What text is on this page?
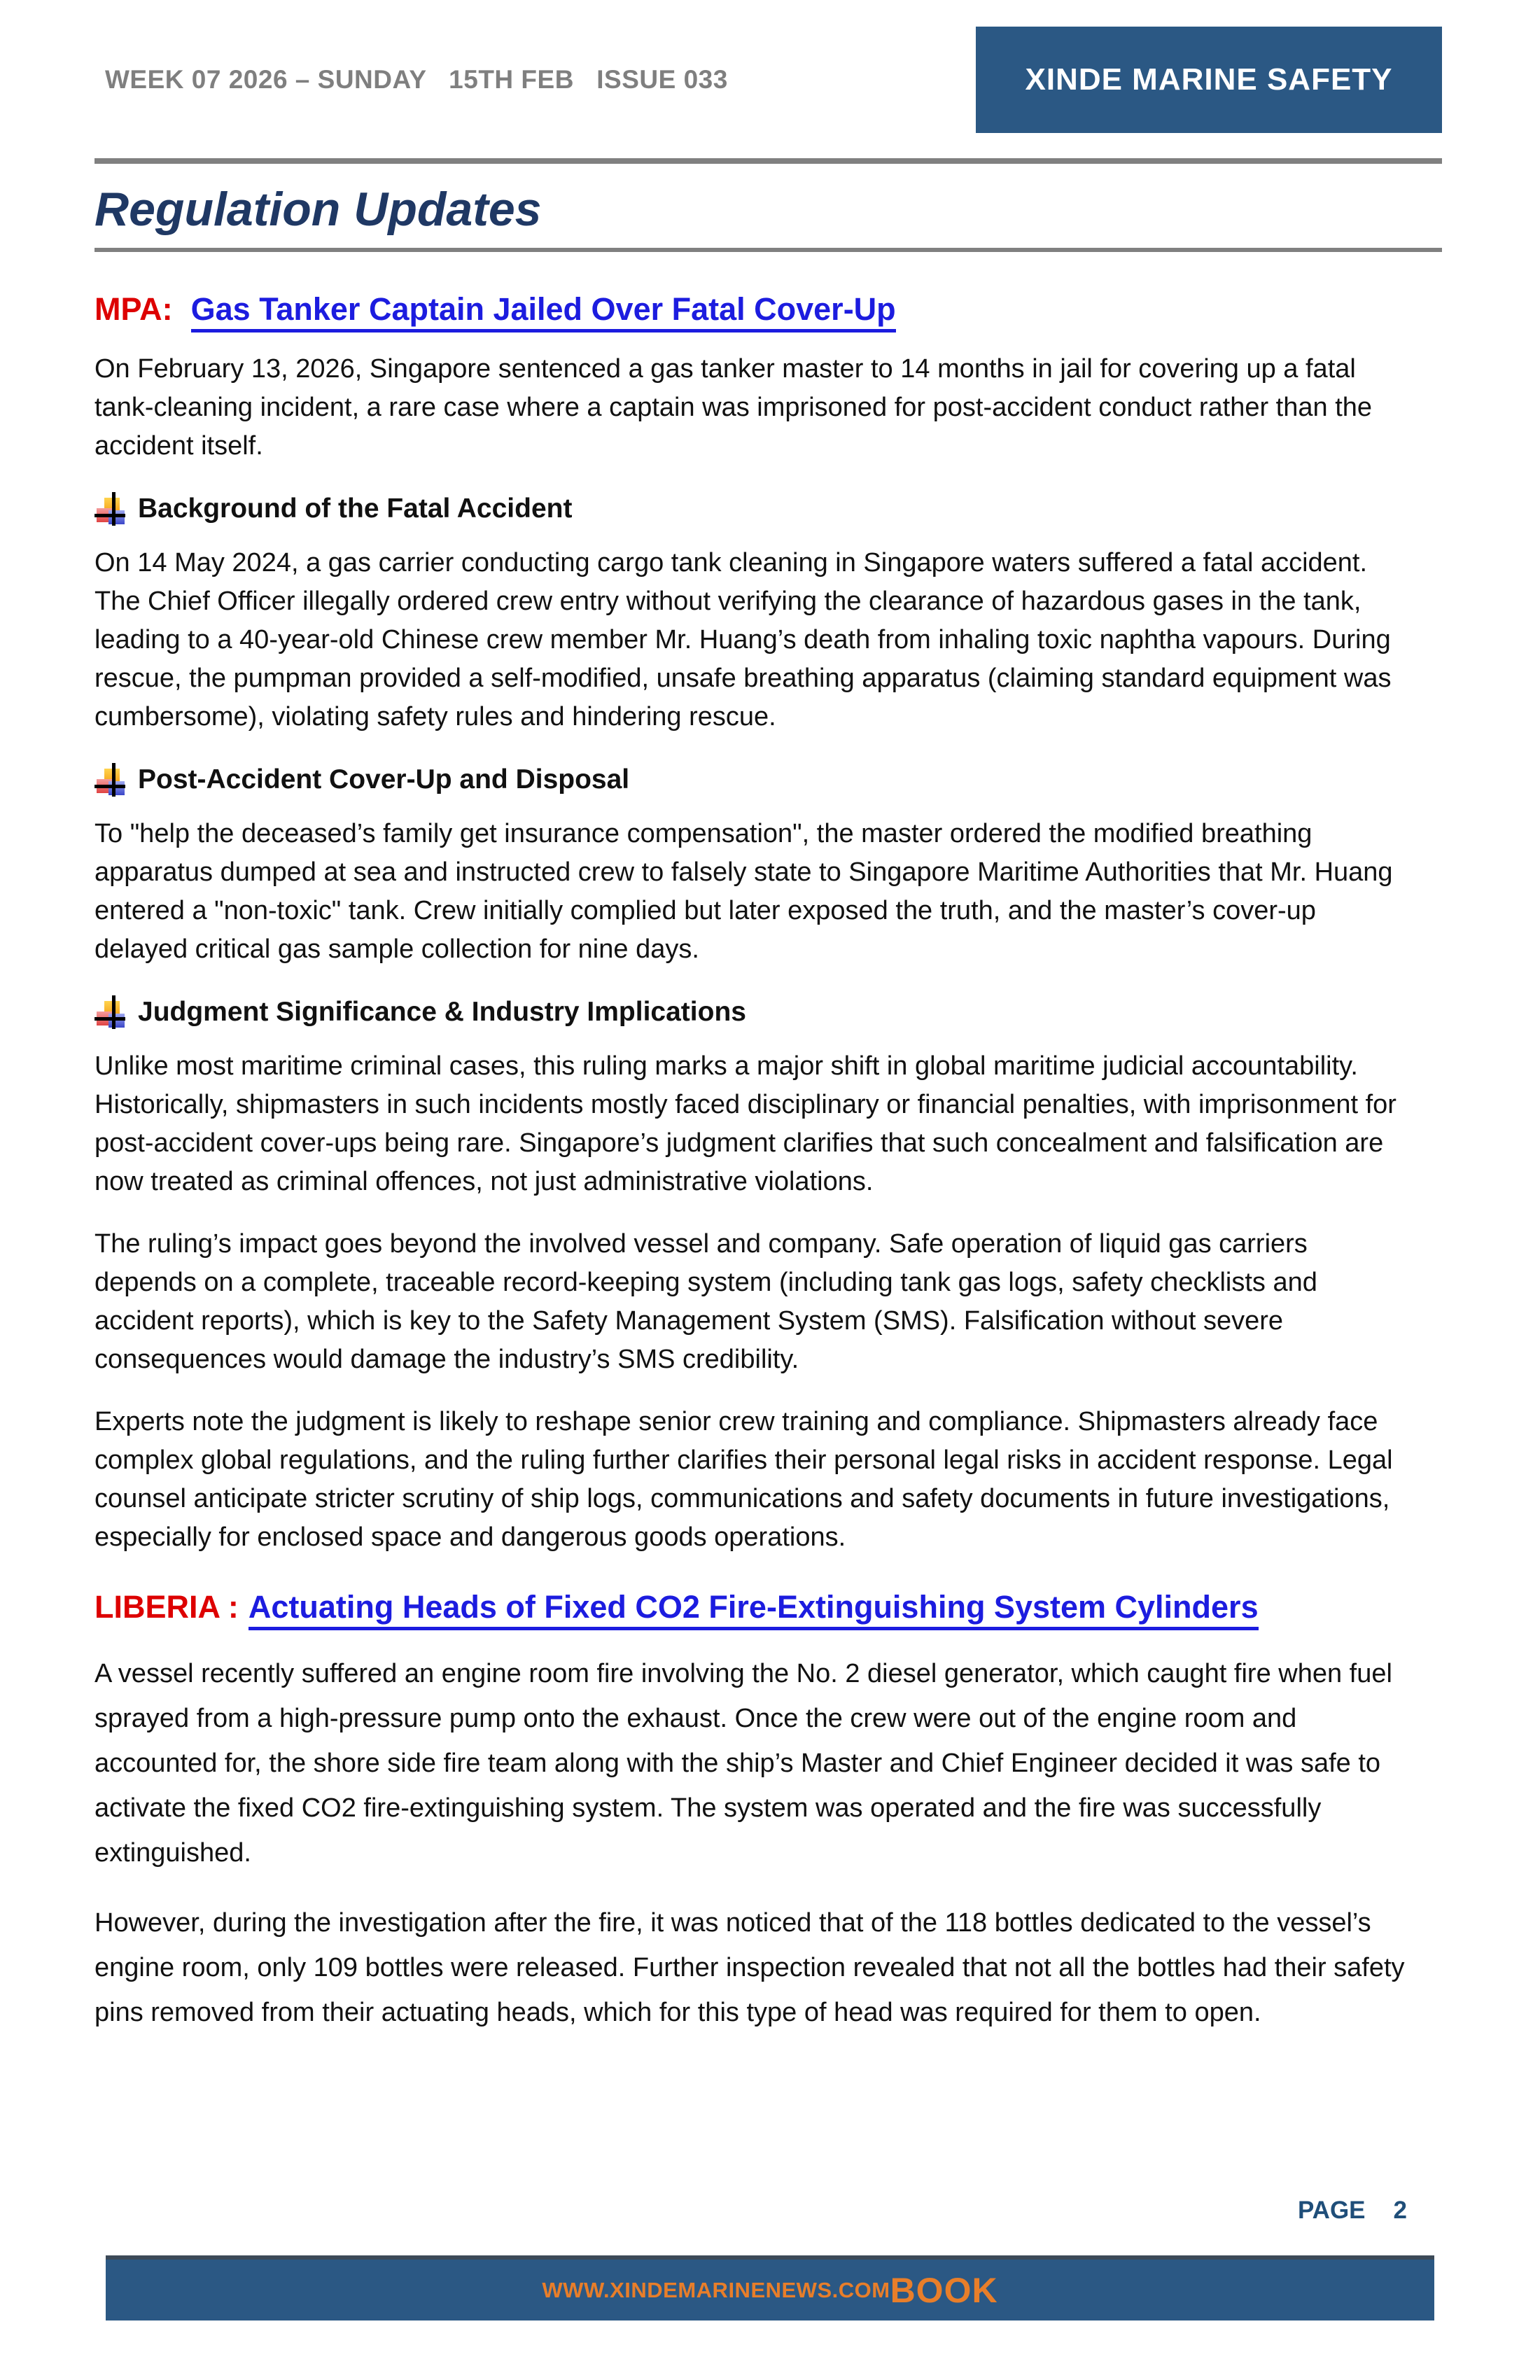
WEEK 07 2026 – SUNDAY   15TH FEB   ISSUE 033	XINDE MARINE SAFETY
Regulation Updates
MPA: Gas Tanker Captain Jailed Over Fatal Cover-Up

On February 13, 2026, Singapore sentenced a gas tanker master to 14 months in jail for covering up a fatal tank-cleaning incident, a rare case where a captain was imprisoned for post-accident conduct rather than the accident itself.

Background of the Fatal Accident

On 14 May 2024, a gas carrier conducting cargo tank cleaning in Singapore waters suffered a fatal accident. The Chief Officer illegally ordered crew entry without verifying the clearance of hazardous gases in the tank, leading to a 40-year-old Chinese crew member Mr. Huang’s death from inhaling toxic naphtha vapours. During rescue, the pumpman provided a self-modified, unsafe breathing apparatus (claiming standard equipment was cumbersome), violating safety rules and hindering rescue.

Post-Accident Cover-Up and Disposal

To "help the deceased’s family get insurance compensation", the master ordered the modified breathing apparatus dumped at sea and instructed crew to falsely state to Singapore Maritime Authorities that Mr. Huang entered a "non-toxic" tank. Crew initially complied but later exposed the truth, and the master’s cover-up delayed critical gas sample collection for nine days.

Judgment Significance & Industry Implications

Unlike most maritime criminal cases, this ruling marks a major shift in global maritime judicial accountability. Historically, shipmasters in such incidents mostly faced disciplinary or financial penalties, with imprisonment for post-accident cover-ups being rare. Singapore’s judgment clarifies that such concealment and falsification are now treated as criminal offences, not just administrative violations.

The ruling’s impact goes beyond the involved vessel and company. Safe operation of liquid gas carriers depends on a complete, traceable record-keeping system (including tank gas logs, safety checklists and accident reports), which is key to the Safety Management System (SMS). Falsification without severe consequences would damage the industry’s SMS credibility.

Experts note the judgment is likely to reshape senior crew training and compliance. Shipmasters already face complex global regulations, and the ruling further clarifies their personal legal risks in accident response. Legal counsel anticipate stricter scrutiny of ship logs, communications and safety documents in future investigations, especially for enclosed space and dangerous goods operations.

LIBERIA : Actuating Heads of Fixed CO2 Fire-Extinguishing System Cylinders

A vessel recently suffered an engine room fire involving the No. 2 diesel generator, which caught fire when fuel sprayed from a high-pressure pump onto the exhaust. Once the crew were out of the engine room and accounted for, the shore side fire team along with the ship’s Master and Chief Engineer decided it was safe to activate the fixed CO2 fire-extinguishing system. The system was operated and the fire was successfully extinguished.

However, during the investigation after the fire, it was noticed that of the 118 bottles dedicated to the vessel’s engine room, only 109 bottles were released. Further inspection revealed that not all the bottles had their safety pins removed from their actuating heads, which for this type of head was required for them to open.

PAGE 2
WWW.XINDEMARINENEWS.COM BOOK
